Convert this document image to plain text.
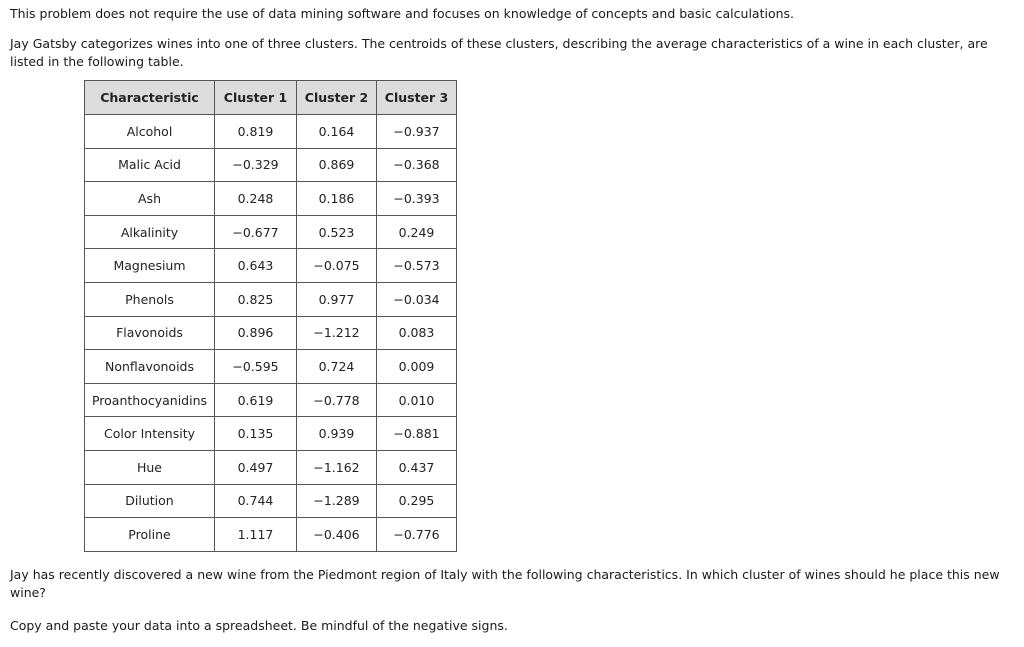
This problem does not require the use of data mining software and focuses on knowledge of concepts and basic calculations.

Jay Gatsby categorizes wines into one of three clusters. The centroids of these clusters, describing the average characteristics of a wine in each cluster, are listed in the following table.

Characteristic	Cluster 1	Cluster 2	Cluster 3
Alcohol	0.819	0.164	−0.937
Malic Acid	−0.329	0.869	−0.368
Ash	0.248	0.186	−0.393
Alkalinity	−0.677	0.523	0.249
Magnesium	0.643	−0.075	−0.573
Phenols	0.825	0.977	−0.034
Flavonoids	0.896	−1.212	0.083
Nonflavonoids	−0.595	0.724	0.009
Proanthocyanidins	0.619	−0.778	0.010
Color Intensity	0.135	0.939	−0.881
Hue	0.497	−1.162	0.437
Dilution	0.744	−1.289	0.295
Proline	1.117	−0.406	−0.776

Jay has recently discovered a new wine from the Piedmont region of Italy with the following characteristics. In which cluster of wines should he place this new wine?

Copy and paste your data into a spreadsheet. Be mindful of the negative signs.
